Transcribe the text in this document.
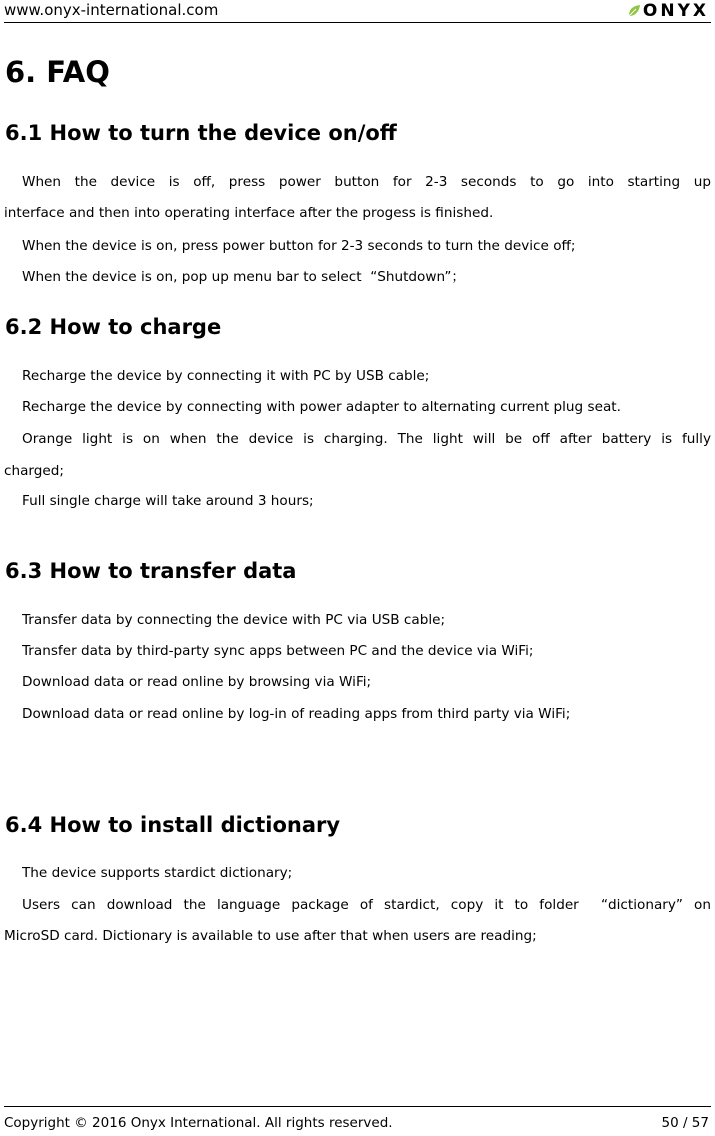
www.onyx-international.com	ONYX
6. FAQ
6.1 How to turn the device on/off

When the device is off, press power button for 2-3 seconds to go into starting up

interface and then into operating interface after the progess is finished.

When the device is on, press power button for 2-3 seconds to turn the device off;

When the device is on, pop up menu bar to select  “Shutdown”；

6.2 How to charge

Recharge the device by connecting it with PC by USB cable;

Recharge the device by connecting with power adapter to alternating current plug seat.

Orange light is on when the device is charging. The light will be off after battery is fully

charged;

Full single charge will take around 3 hours;

6.3 How to transfer data

Transfer data by connecting the device with PC via USB cable;

Transfer data by third-party sync apps between PC and the device via WiFi;

Download data or read online by browsing via WiFi;

Download data or read online by log-in of reading apps from third party via WiFi;

6.4 How to install dictionary

The device supports stardict dictionary;

Users can download the language package of stardict, copy it to folder  “dictionary” on

MicroSD card. Dictionary is available to use after that when users are reading;

Copyright © 2016 Onyx International. All rights reserved.	50 / 57
